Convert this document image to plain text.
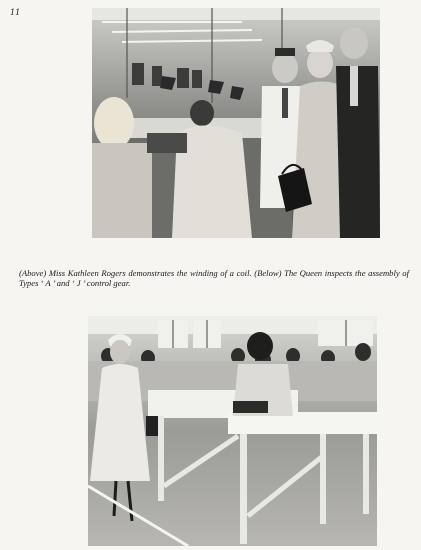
11
(Above) Miss Kathleen Rogers demonstrates the winding of a coil. (Below) The Queen inspects the assembly of Types ‘ A ’ and ‘ J ’ control gear.
